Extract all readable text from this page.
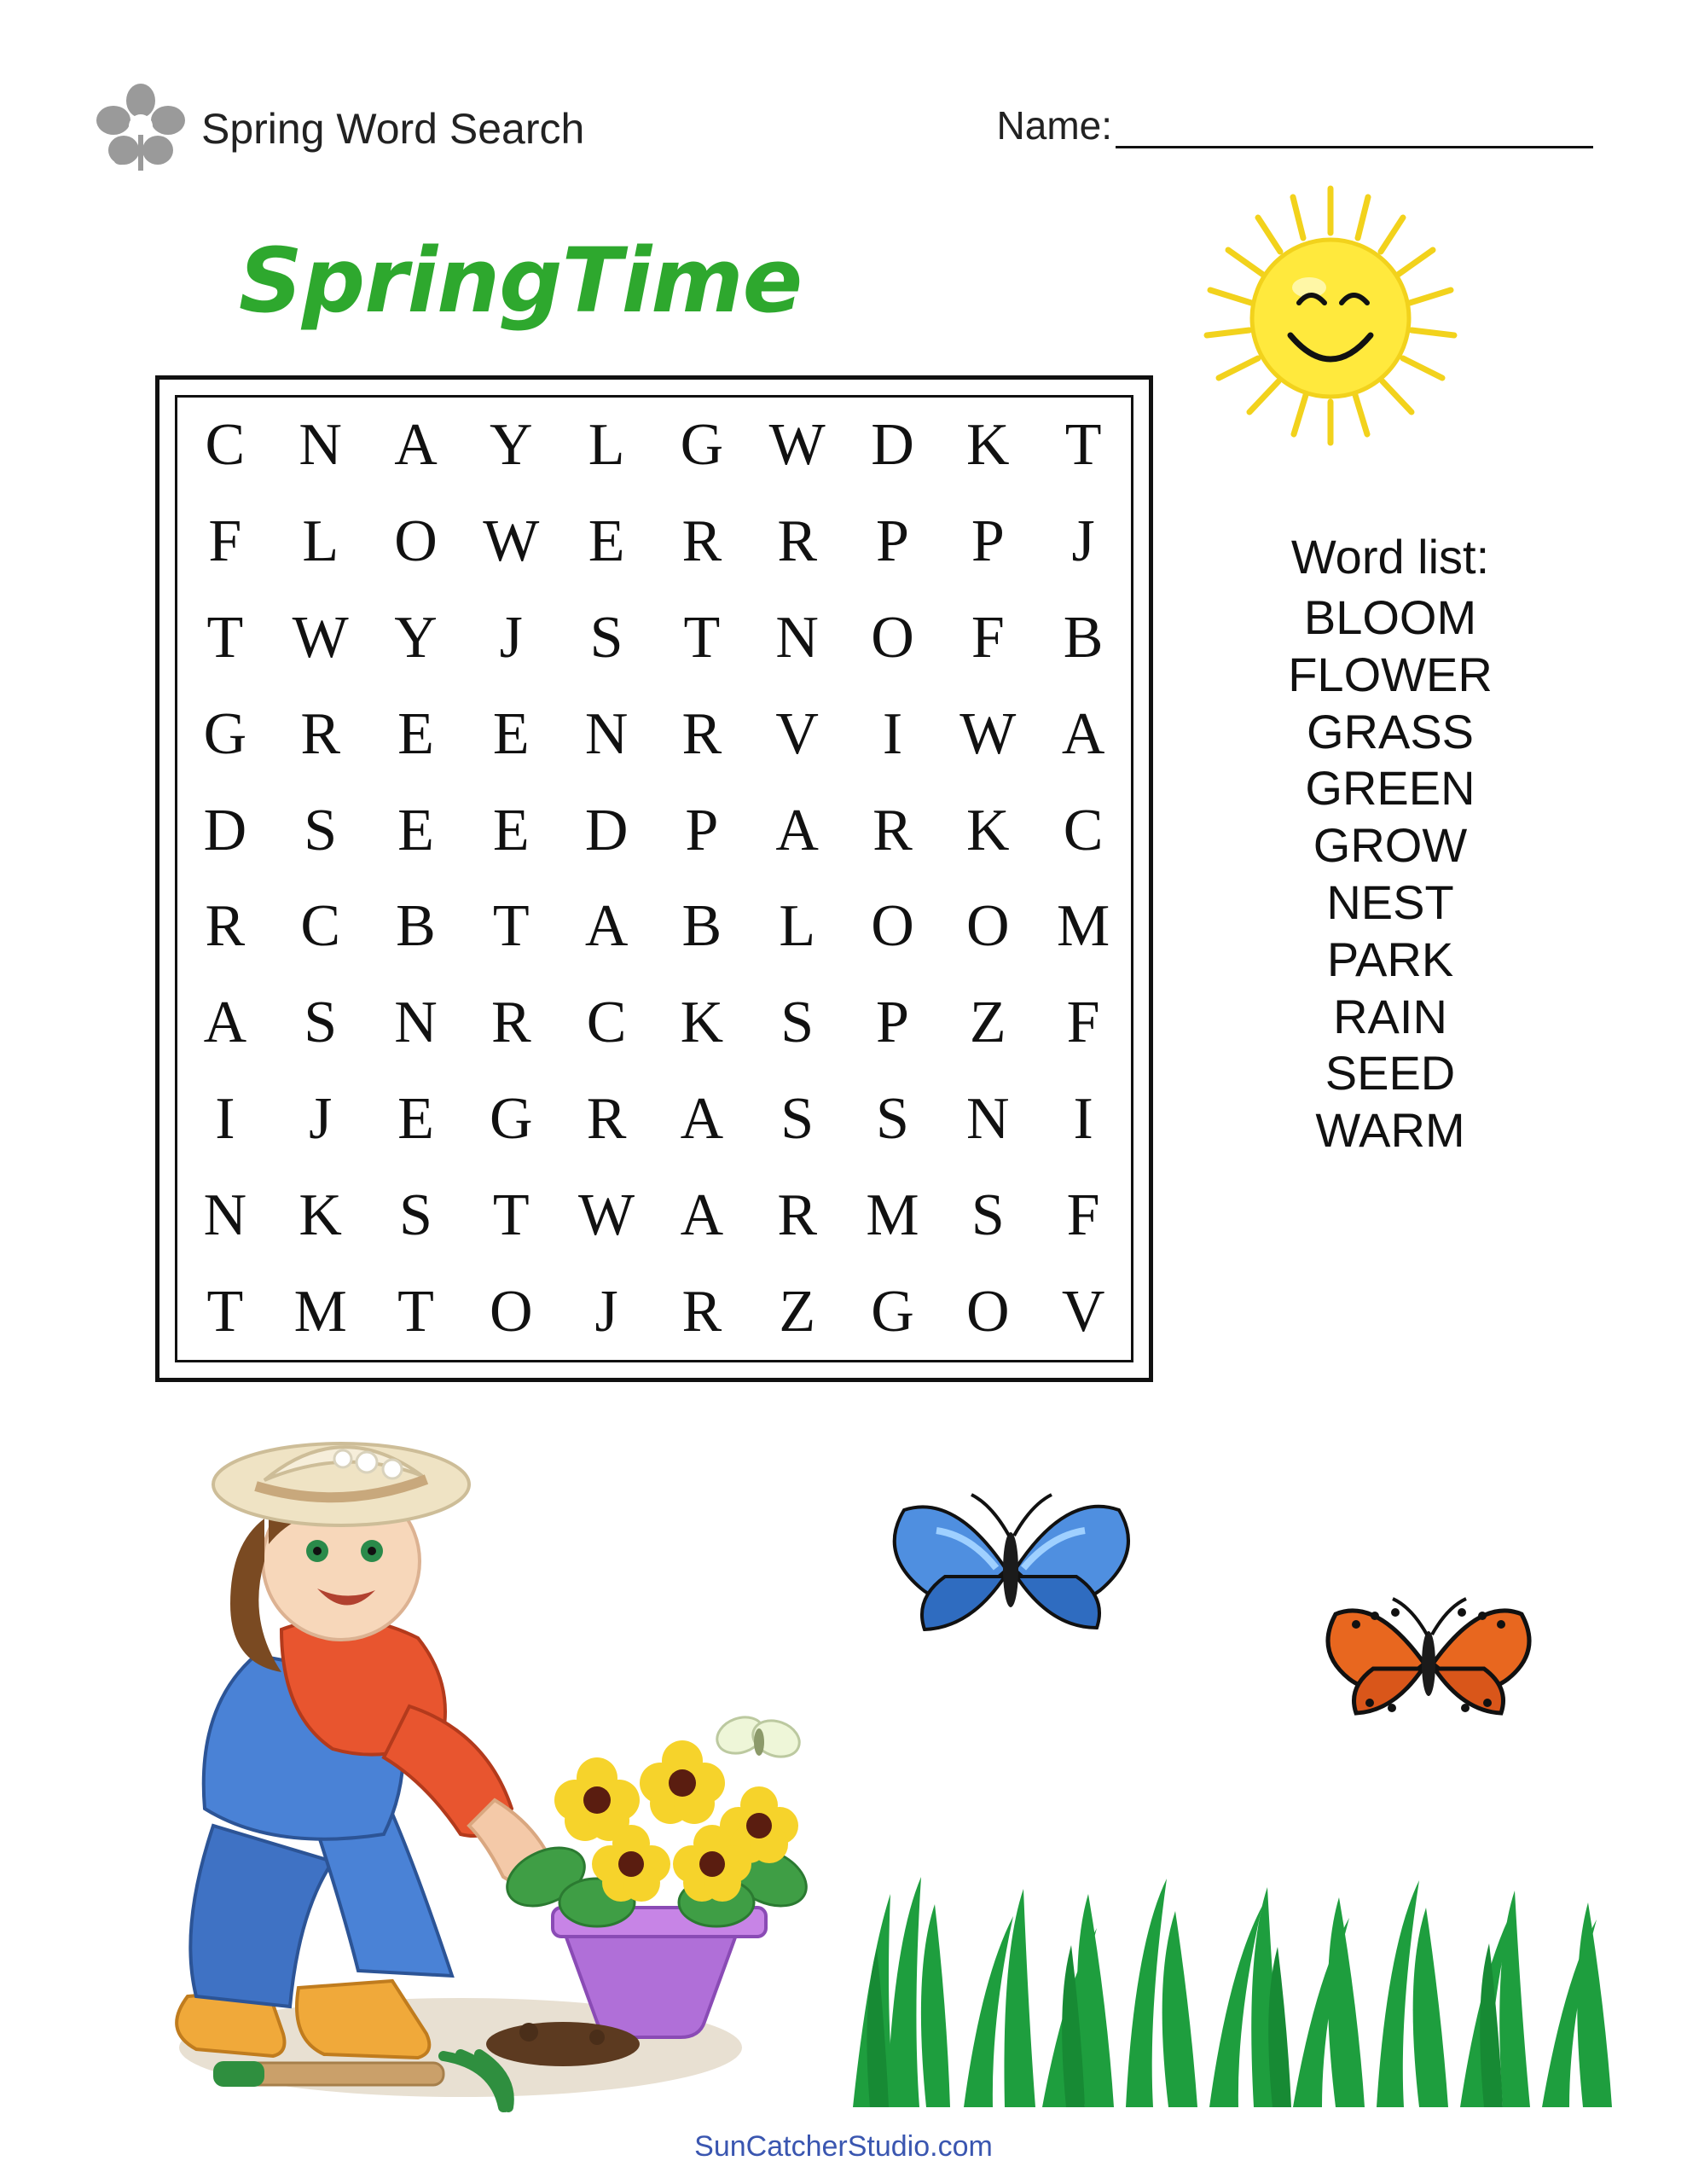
Spring Word Search	Name:
SpringTime
C N A Y L G W D K T
F	L O W E R R P	P	J
T W Y	J	S	T N O F B
G R E E N R V	I W A
D S	E E D P A R K C
R C B T A B L O O M
A S N R C K S	P	Z	F
I	J	E G R A S	S N	I
N K S	T W A R M S	F
T M T O	J	R Z G O V
Word list:
BLOOM
FLOWER
GRASS
GREEN
GROW
NEST
PARK
RAIN
SEED
WARM
SunCatcherStudio.com
